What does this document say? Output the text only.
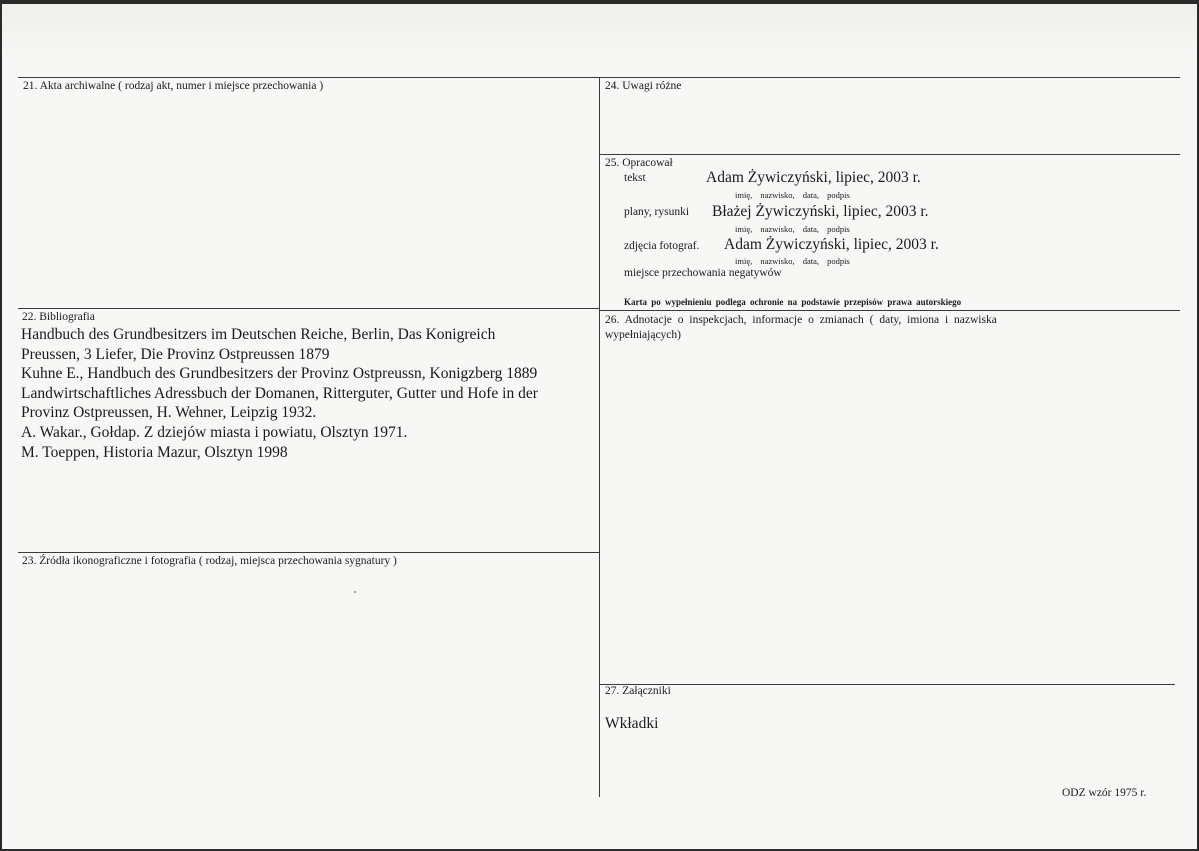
21. Akta archiwalne ( rodzaj akt, numer i miejsce przechowania )
22. Bibliografia
Handbuch des Grundbesitzers im Deutschen Reiche, Berlin, Das Konigreich
Preussen, 3 Liefer, Die Provinz Ostpreussen 1879
Kuhne E., Handbuch des Grundbesitzers der Provinz Ostpreussn, Konigzberg 1889
Landwirtschaftliches Adressbuch der Domanen, Ritterguter, Gutter und Hofe in der
Provinz Ostpreussen, H. Wehner, Leipzig 1932.
A. Wakar., Gołdap. Z dziejów miasta i powiatu, Olsztyn 1971.
M. Toeppen, Historia Mazur, Olsztyn 1998
23. Źródła ikonograficzne i fotografia ( rodzaj, miejsca przechowania sygnatury )
24. Uwagi różne
25. Opracował
tekst	Adam Żywiczyński, lipiec, 2003 r.
imię, nazwisko, data, podpis
plany, rysunki Błażej Żywiczyński, lipiec, 2003 r.
imię, nazwisko, data, podpis
zdjęcia fotograf. Adam Żywiczyński, lipiec, 2003 r.
imię, nazwisko, data, podpis
miejsce przechowania negatywów
Karta po wypełnieniu podlega ochronie na podstawie przepisów prawa autorskiego
26. Adnotacje o inspekcjach, informacje o zmianach ( daty, imiona i nazwiska
wypełniających)
27. Załączniki
Wkładki
ODZ wzór 1975 r.
